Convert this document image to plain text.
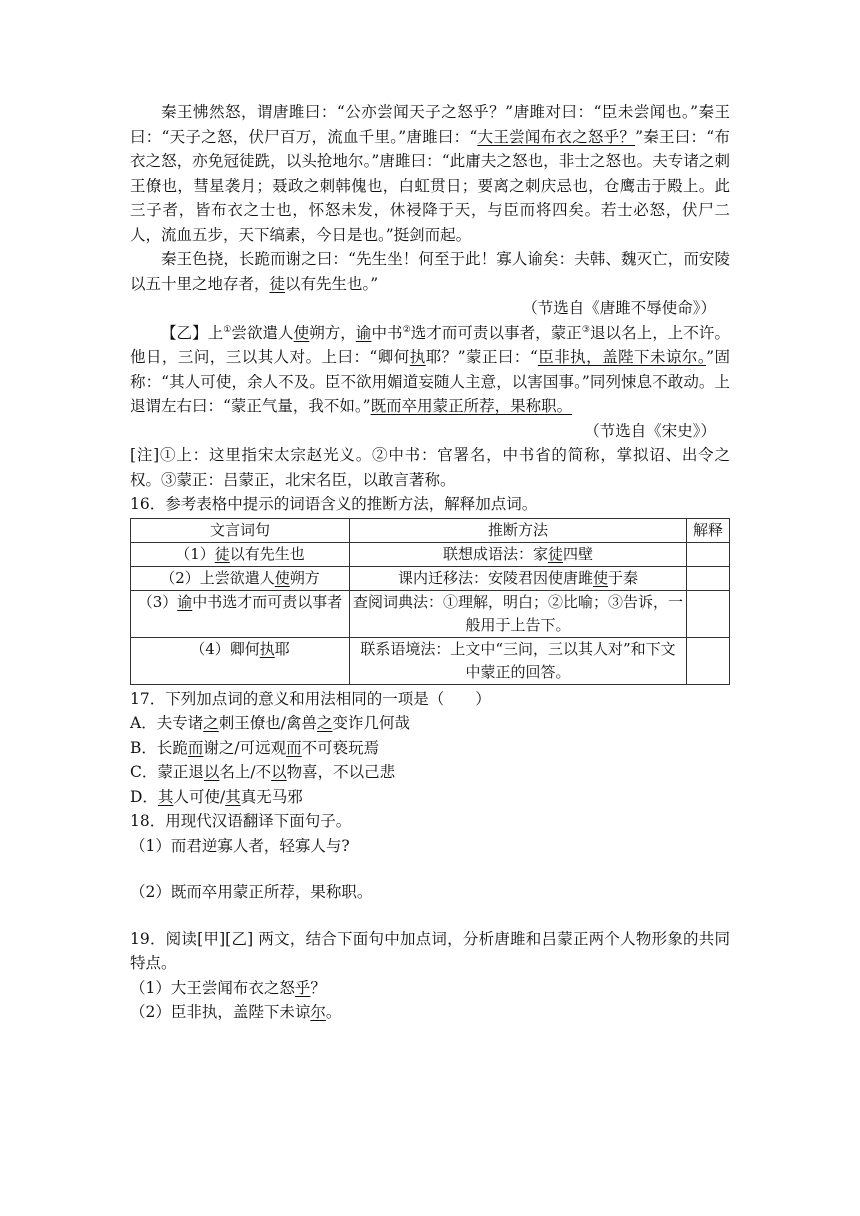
秦王怫然怒，谓唐雎曰：“公亦尝闻天子之怒乎？”唐雎对曰：“臣未尝闻也。”秦王曰：“天子之怒，伏尸百万，流血千里。”唐雎曰：“大王尝闻布衣之怒乎？”秦王曰：“布衣之怒，亦免冠徒跣，以头抢地尔。”唐雎曰：“此庸夫之怒也，非士之怒也。夫专诸之刺王僚也，彗星袭月；聂政之刺韩傀也，白虹贯日；要离之刺庆忌也，仓鹰击于殿上。此三子者，皆布衣之士也，怀怒未发，休祲降于天，与臣而将四矣。若士必怒，伏尸二人，流血五步，天下缟素，今日是也。”挺剑而起。

秦王色挠，长跪而谢之曰：“先生坐！何至于此！寡人谕矣：夫韩、魏灭亡，而安陵以五十里之地存者，徒以有先生也。”

（节选自《唐雎不辱使命》）

【乙】上①尝欲遣人使朔方，谕中书②选才而可责以事者，蒙正③退以名上，上不许。他日，三问，三以其人对。上曰：“卿何执耶？”蒙正曰：“臣非执，盖陛下未谅尔。”固称：“其人可使，余人不及。臣不欲用媚道妄随人主意，以害国事。”同列悚息不敢动。上退谓左右曰：“蒙正气量，我不如。”既而卒用蒙正所荐，果称职。

（节选自《宋史》）

[注]①上：这里指宋太宗赵光义。②中书：官署名，中书省的简称，掌拟诏、出令之权。③蒙正：吕蒙正，北宋名臣，以敢言著称。

16．参考表格中提示的词语含义的推断方法，解释加点词。

文言词句	推断方法	解释
（1）徒以有先生也	联想成语法：家徒四壁	
（2）上尝欲遣人使朔方	课内迁移法：安陵君因使唐雎使于秦	
（3）谕中书选才而可责以事者	查阅词典法：①理解，明白；②比喻；③告诉，一般用于上告下。	
（4）卿何执耶	联系语境法：上文中“三问，三以其人对”和下文中蒙正的回答。	

17．下列加点词的意义和用法相同的一项是（　　）

A．夫专诸之刺王僚也/禽兽之变诈几何哉

B．长跪而谢之/可远观而不可亵玩焉

C．蒙正退以名上/不以物喜，不以己悲

D．其人可使/其真无马邪

18．用现代汉语翻译下面句子。

（1）而君逆寡人者，轻寡人与?

（2）既而卒用蒙正所荐，果称职。

19．阅读[甲][乙] 两文，结合下面句中加点词，分析唐雎和吕蒙正两个人物形象的共同特点。

（1）大王尝闻布衣之怒乎？

（2）臣非执，盖陛下未谅尔。
